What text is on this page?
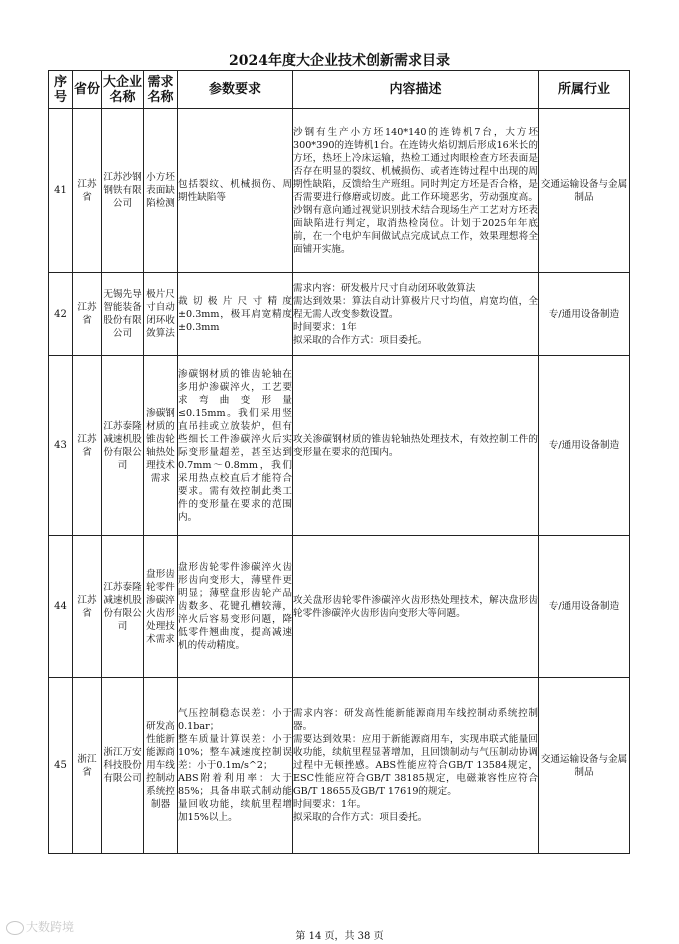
2024年度大企业技术创新需求目录
序号	省份	大企业名称	需求名称	参数要求	内容描述	所属行业
41	江苏省	江苏沙钢钢铁有限公司	小方坯表面缺陷检测	包括裂纹、机械损伤、周期性缺陷等	沙钢有生产小方坯140*140的连铸机7台，大方坯300*390的连铸机1台。在连铸火焰切割后形成16米长的方坯，热坯上冷床运输，热检工通过肉眼检查方坯表面是否存在明显的裂纹、机械损伤、或者连铸过程中出现的周期性缺陷，反馈给生产班组。同时判定方坯是否合格，是否需要进行修磨或切废。此工作环境恶劣，劳动强度高。沙钢有意向通过视觉识别技术结合现场生产工艺对方坯表面缺陷进行判定，取消热检岗位。计划于2025年年底前，在一个电炉车间做试点完成试点工作，效果理想将全面铺开实施。	交通运输设备与金属制品
42	江苏省	无锡先导智能装备股份有限公司	极片尺寸自动闭环收敛算法	裁切极片尺寸精度±0.3mm，极耳肩宽精度±0.3mm	需求内容：研发极片尺寸自动闭环收敛算法
需达到效果：算法自动计算极片尺寸均值，肩宽均值，全程无需人改变参数设置。
时间要求：1年
拟采取的合作方式：项目委托。	专/通用设备制造
43	江苏省	江苏泰隆减速机股份有限公司	渗碳钢材质的锥齿轮轴热处理技术需求	渗碳钢材质的锥齿轮轴在多用炉渗碳淬火，工艺要求弯曲变形量≤0.15mm。我们采用竖直吊挂或立放装炉，但有些细长工件渗碳淬火后实际变形量超差，甚至达到0.7mm～0.8mm，我们采用热点校直后才能符合要求。需有效控制此类工件的变形量在要求的范围内。	攻关渗碳钢材质的锥齿轮轴热处理技术，有效控制工件的变形量在要求的范围内。	专/通用设备制造
44	江苏省	江苏泰隆减速机股份有限公司	盘形齿轮零件渗碳淬火齿形处理技术需求	盘形齿轮零件渗碳淬火齿形齿向变形大，薄壁件更明显；薄壁盘形齿轮产品齿数多、花键孔槽较薄，淬火后容易变形问题，降低零件翘曲度，提高减速机的传动精度。	攻关盘形齿轮零件渗碳淬火齿形热处理技术，解决盘形齿轮零件渗碳淬火齿形齿向变形大等问题。	专/通用设备制造
45	浙江省	浙江万安科技股份有限公司	研发高性能新能源商用车线控制动系统控制器	气压控制稳态误差：小于0.1bar；
整车质量计算误差：小于10%；整车减速度控制误差：小于0.1m/s^2；
ABS附着利用率：大于85%；具备串联式制动能量回收功能，续航里程增加15%以上。	需求内容：研发高性能新能源商用车线控制动系统控制器。
需要达到效果：应用于新能源商用车，实现串联式能量回收功能，续航里程显著增加，且回馈制动与气压制动协调过程中无顿挫感。ABS性能应符合GB/T 13584规定，ESC性能应符合GB/T 38185规定，电磁兼容性应符合GB/T 18655及GB/T 17619的规定。
时间要求：1年。
拟采取的合作方式：项目委托。	交通运输设备与金属制品
大数跨境
第 14 页，共 38 页
